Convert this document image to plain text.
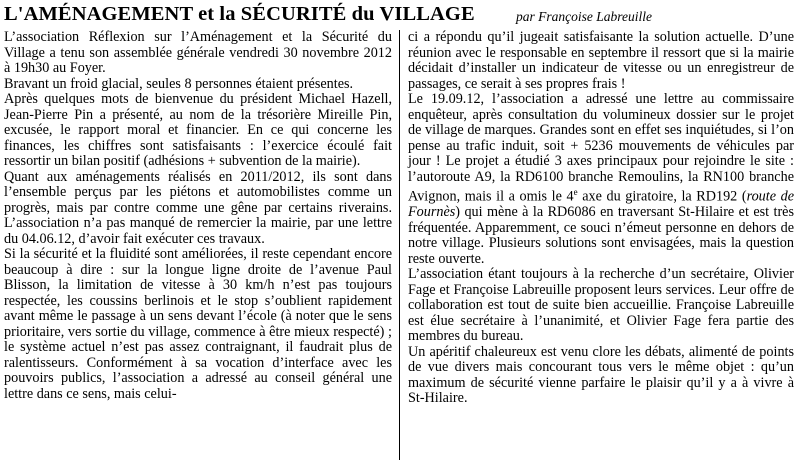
L'AMÉNAGEMENT et la SÉCURITÉ du VILLAGE	par Françoise Labreuille

L’association Réflexion sur l’Aménagement et la Sécurité du Village a tenu son assemblée générale vendredi 30 novembre 2012 à 19h30 au Foyer.

Bravant un froid glacial, seules 8 personnes étaient présentes.

Après quelques mots de bienvenue du président Michael Hazell, Jean-Pierre Pin a présenté, au nom de la trésorière Mireille Pin, excusée, le rapport moral et financier. En ce qui concerne les finances, les chiffres sont satisfaisants : l’exercice écoulé fait ressortir un bilan positif (adhésions + subvention de la mairie).

Quant aux aménagements réalisés en 2011/2012, ils sont dans l’ensemble perçus par les piétons et automobilistes comme un progrès, mais par contre comme une gêne par certains riverains. L’association n’a pas manqué de remercier la mairie, par une lettre du 04.06.12, d’avoir fait exécuter ces travaux.

Si la sécurité et la fluidité sont améliorées, il reste cependant encore beaucoup à dire : sur la longue ligne droite de l’avenue Paul Blisson, la limitation de vitesse à 30 km/h n’est pas toujours respectée, les coussins berlinois et le stop s’oublient rapidement avant même le passage à un sens devant l’école (à noter que le sens prioritaire, vers sortie du village, commence à être mieux respecté) ; le système actuel n’est pas assez contraignant, il faudrait plus de ralentisseurs. Conformément à sa vocation d’interface avec les pouvoirs publics, l’association a adressé au conseil général une lettre dans ce sens, mais celui-

ci a répondu qu’il jugeait satisfaisante la solution actuelle. D’une réunion avec le responsable en septembre il ressort que si la mairie décidait d’installer un indicateur de vitesse ou un enregistreur de passages, ce serait à ses propres frais !

Le 19.09.12, l’association a adressé une lettre au commissaire enquêteur, après consultation du volumineux dossier sur le projet de village de marques. Grandes sont en effet ses inquiétudes, si l’on pense au trafic induit, soit + 5236 mouvements de véhicules par jour ! Le projet a étudié 3 axes principaux pour rejoindre le site : l’autoroute A9, la RD6100 branche Remoulins, la RN100 branche Avignon, mais il a omis le 4e axe du giratoire, la RD192 (route de Fournès) qui mène à la RD6086 en traversant St-Hilaire et est très fréquentée. Apparemment, ce souci n’émeut personne en dehors de notre village. Plusieurs solutions sont envisagées, mais la question reste ouverte.

L’association étant toujours à la recherche d’un secrétaire, Olivier Fage et Françoise Labreuille proposent leurs services. Leur offre de collaboration est tout de suite bien accueillie. Françoise Labreuille est élue secrétaire à l’unanimité, et Olivier Fage fera partie des membres du bureau.

Un apéritif chaleureux est venu clore les débats, alimenté de points de vue divers mais concourant tous vers le même objet : qu’un maximum de sécurité vienne parfaire le plaisir qu’il y a à vivre à St-Hilaire.
